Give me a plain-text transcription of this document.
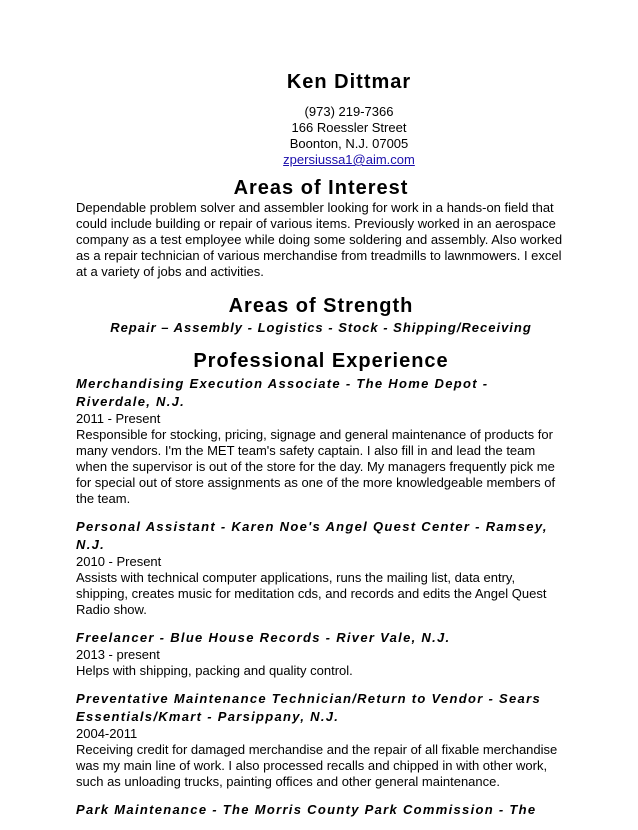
Ken Dittmar
(973) 219-7366
166 Roessler Street
Boonton, N.J. 07005
zpersiussa1@aim.com
Areas of Interest
Dependable problem solver and assembler looking for work in a hands-on field that could include building or repair of various items. Previously worked in an aerospace company as a test employee while doing some soldering and assembly. Also worked as a repair technician of various merchandise from treadmills to lawnmowers. I excel at a variety of jobs and activities.
Areas of Strength
Repair – Assembly - Logistics - Stock - Shipping/Receiving
Professional Experience
Merchandising Execution Associate - The Home Depot - Riverdale, N.J.
2011 - Present
Responsible for stocking, pricing, signage and general maintenance of products for many vendors. I'm the MET team's safety captain. I also fill in and lead the team when the supervisor is out of the store for the day. My managers frequently pick me for special out of store assignments as one of the more knowledgeable members of the team.
Personal Assistant - Karen Noe's Angel Quest Center - Ramsey, N.J.
2010 - Present
Assists with technical computer applications, runs the mailing list, data entry, shipping, creates music for meditation cds, and records and edits the Angel Quest Radio show.
Freelancer - Blue House Records - River Vale, N.J.
2013 - present
Helps with shipping, packing and quality control.
Preventative Maintenance Technician/Return to Vendor - Sears Essentials/Kmart - Parsippany, N.J.
2004-2011
Receiving credit for damaged merchandise and the repair of all fixable merchandise was my main line of work. I also processed recalls and chipped in with other work, such as unloading trucks, painting offices and other general maintenance.
Park Maintenance - The Morris County Park Commission - The
